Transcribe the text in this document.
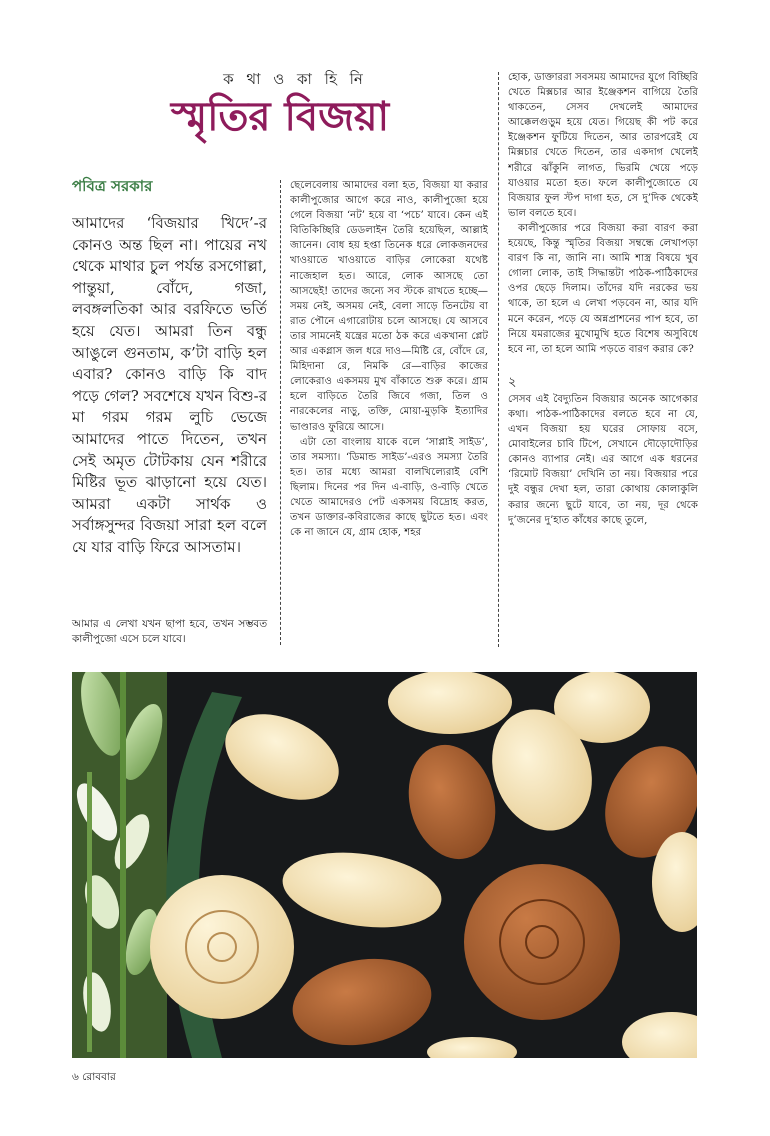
ক থা ও কা হি নি
স্মৃতির বিজয়া
পবিত্র সরকার
আমাদের ‘বিজয়ার খিদে’-র কোনও অন্ত ছিল না। পায়ের নখ থেকে মাথার চুল পর্যন্ত রসগোল্লা, পান্তুয়া, বোঁদে, গজা, লবঙ্গলতিকা আর বরফিতে ভর্তি হয়ে যেত। আমরা তিন বন্ধু আঙুলে গুনতাম, ক’টা বাড়ি হল এবার? কোনও বাড়ি কি বাদ পড়ে গেল? সবশেষে যখন বিশু-র মা গরম গরম লুচি ভেজে আমাদের পাতে দিতেন, তখন সেই অমৃত টোটকায় যেন শরীরে মিষ্টির ভূত ঝাড়ানো হয়ে যেত। আমরা একটা সার্থক ও সর্বাঙ্গসুন্দর বিজয়া সারা হল বলে যে যার বাড়ি ফিরে আসতাম।
আমার এ লেখা যখন ছাপা হবে, তখন সম্ভবত কালীপুজো এসে চলে যাবে।

ছেলেবেলায় আমাদের বলা হত, বিজয়া যা করার কালীপুজোর আগে করে নাও, কালীপুজো হয়ে গেলে বিজয়া ‘নট’ হয়ে বা ‘পচে’ যাবে। কেন এই বিতিকিচ্ছিরি ডেডলাইন তৈরি হয়েছিল, আল্লাই জানেন। বোধ হয় হপ্তা তিনেক ধরে লোকজনদের খাওয়াতে খাওয়াতে বাড়ির লোকেরা যথেষ্ট নাজেহাল হত। আরে, লোক আসছে তো আসছেই! তাদের জন্যে সব স্টকে রাখতে হচ্ছে—সময় নেই, অসময় নেই, বেলা সাড়ে তিনটেয় বা রাত পৌনে এগারোটায় চলে আসছে। যে আসবে তার সামনেই যন্ত্রের মতো ঠক করে একখানা প্লেট আর একগ্লাস জল ধরে দাও—মিষ্টি রে, বোঁদে রে, মিহিদানা রে, নিমকি রে—বাড়ির কাজের লোকেরাও একসময় মুখ বাঁকাতে শুরু করে। গ্রাম হলে বাড়িতে তৈরি জিবে গজা, তিল ও নারকেলের নাড়ু, তক্তি, মোয়া-মুড়কি ইত্যাদির ভাণ্ডারও ফুরিয়ে আসে।

এটা তো বাংলায় যাকে বলে ‘সাপ্লাই সাইড’, তার সমস্যা। ‘ডিমান্ড সাইড’-এরও সমস্যা তৈরি হত। তার মধ্যে আমরা বালখিল্যেরাই বেশি ছিলাম। দিনের পর দিন এ-বাড়ি, ও-বাড়ি খেতে খেতে আমাদেরও পেট একসময় বিদ্রোহ করত, তখন ডাক্তার-কবিরাজের কাছে ছুটতে হত। এবং কে না জানে যে, গ্রাম হোক, শহর

হোক, ডাক্তাররা সবসময় আমাদের যুগে বিচ্ছিরি খেতে মিক্সচার আর ইঞ্জেকশন বাগিয়ে তৈরি থাকতেন, সেসব দেখলেই আমাদের আক্কেলগুড়ুম হয়ে যেত। গিয়েছ কী পট করে ইঞ্জেকশন ফুটিয়ে দিতেন, আর তারপরেই যে মিক্সচার খেতে দিতেন, তার একদাগ খেলেই শরীরে ঝাঁকুনি লাগত, ভিরমি খেয়ে পড়ে যাওয়ার মতো হত। ফলে কালীপুজোতে যে বিজয়ার ফুল স্টপ দাগা হত, সে দু’দিক থেকেই ভাল বলতে হবে।

কালীপুজোর পরে বিজয়া করা বারণ করা হয়েছে, কিন্তু স্মৃতির বিজয়া সম্বন্ধে লেখাপড়া বারণ কি না, জানি না। আমি শাস্ত্র বিষয়ে খুব গোলা লোক, তাই সিদ্ধান্তটা পাঠক-পাঠিকাদের ওপর ছেড়ে দিলাম। তাঁদের যদি নরকের ভয় থাকে, তা হলে এ লেখা পড়বেন না, আর যদি মনে করেন, পড়ে যে অন্নপ্রাশনের পাপ হবে, তা নিয়ে যমরাজের মুখোমুখি হতে বিশেষ অসুবিধে হবে না, তা হলে আমি পড়তে বারণ করার কে?

২

সেসব এই বৈদ্যুতিন বিজয়ার অনেক আগেকার কথা। পাঠক-পাঠিকাদের বলতে হবে না যে, এখন বিজয়া হয় ঘরের সোফায় বসে, মোবাইলের চাবি টিপে, সেখানে দৌড়োদৌড়ির কোনও ব্যাপার নেই। এর আগে এক ধরনের ‘রিমোট বিজয়া’ দেখিনি তা নয়। বিজয়ার পরে দুই বন্ধুর দেখা হল, তারা কোথায় কোলাকুলি করার জন্যে ছুটে যাবে, তা নয়, দূর থেকে দু’জনের দু’হাত কাঁধের কাছে তুলে,

৬ রোববার
